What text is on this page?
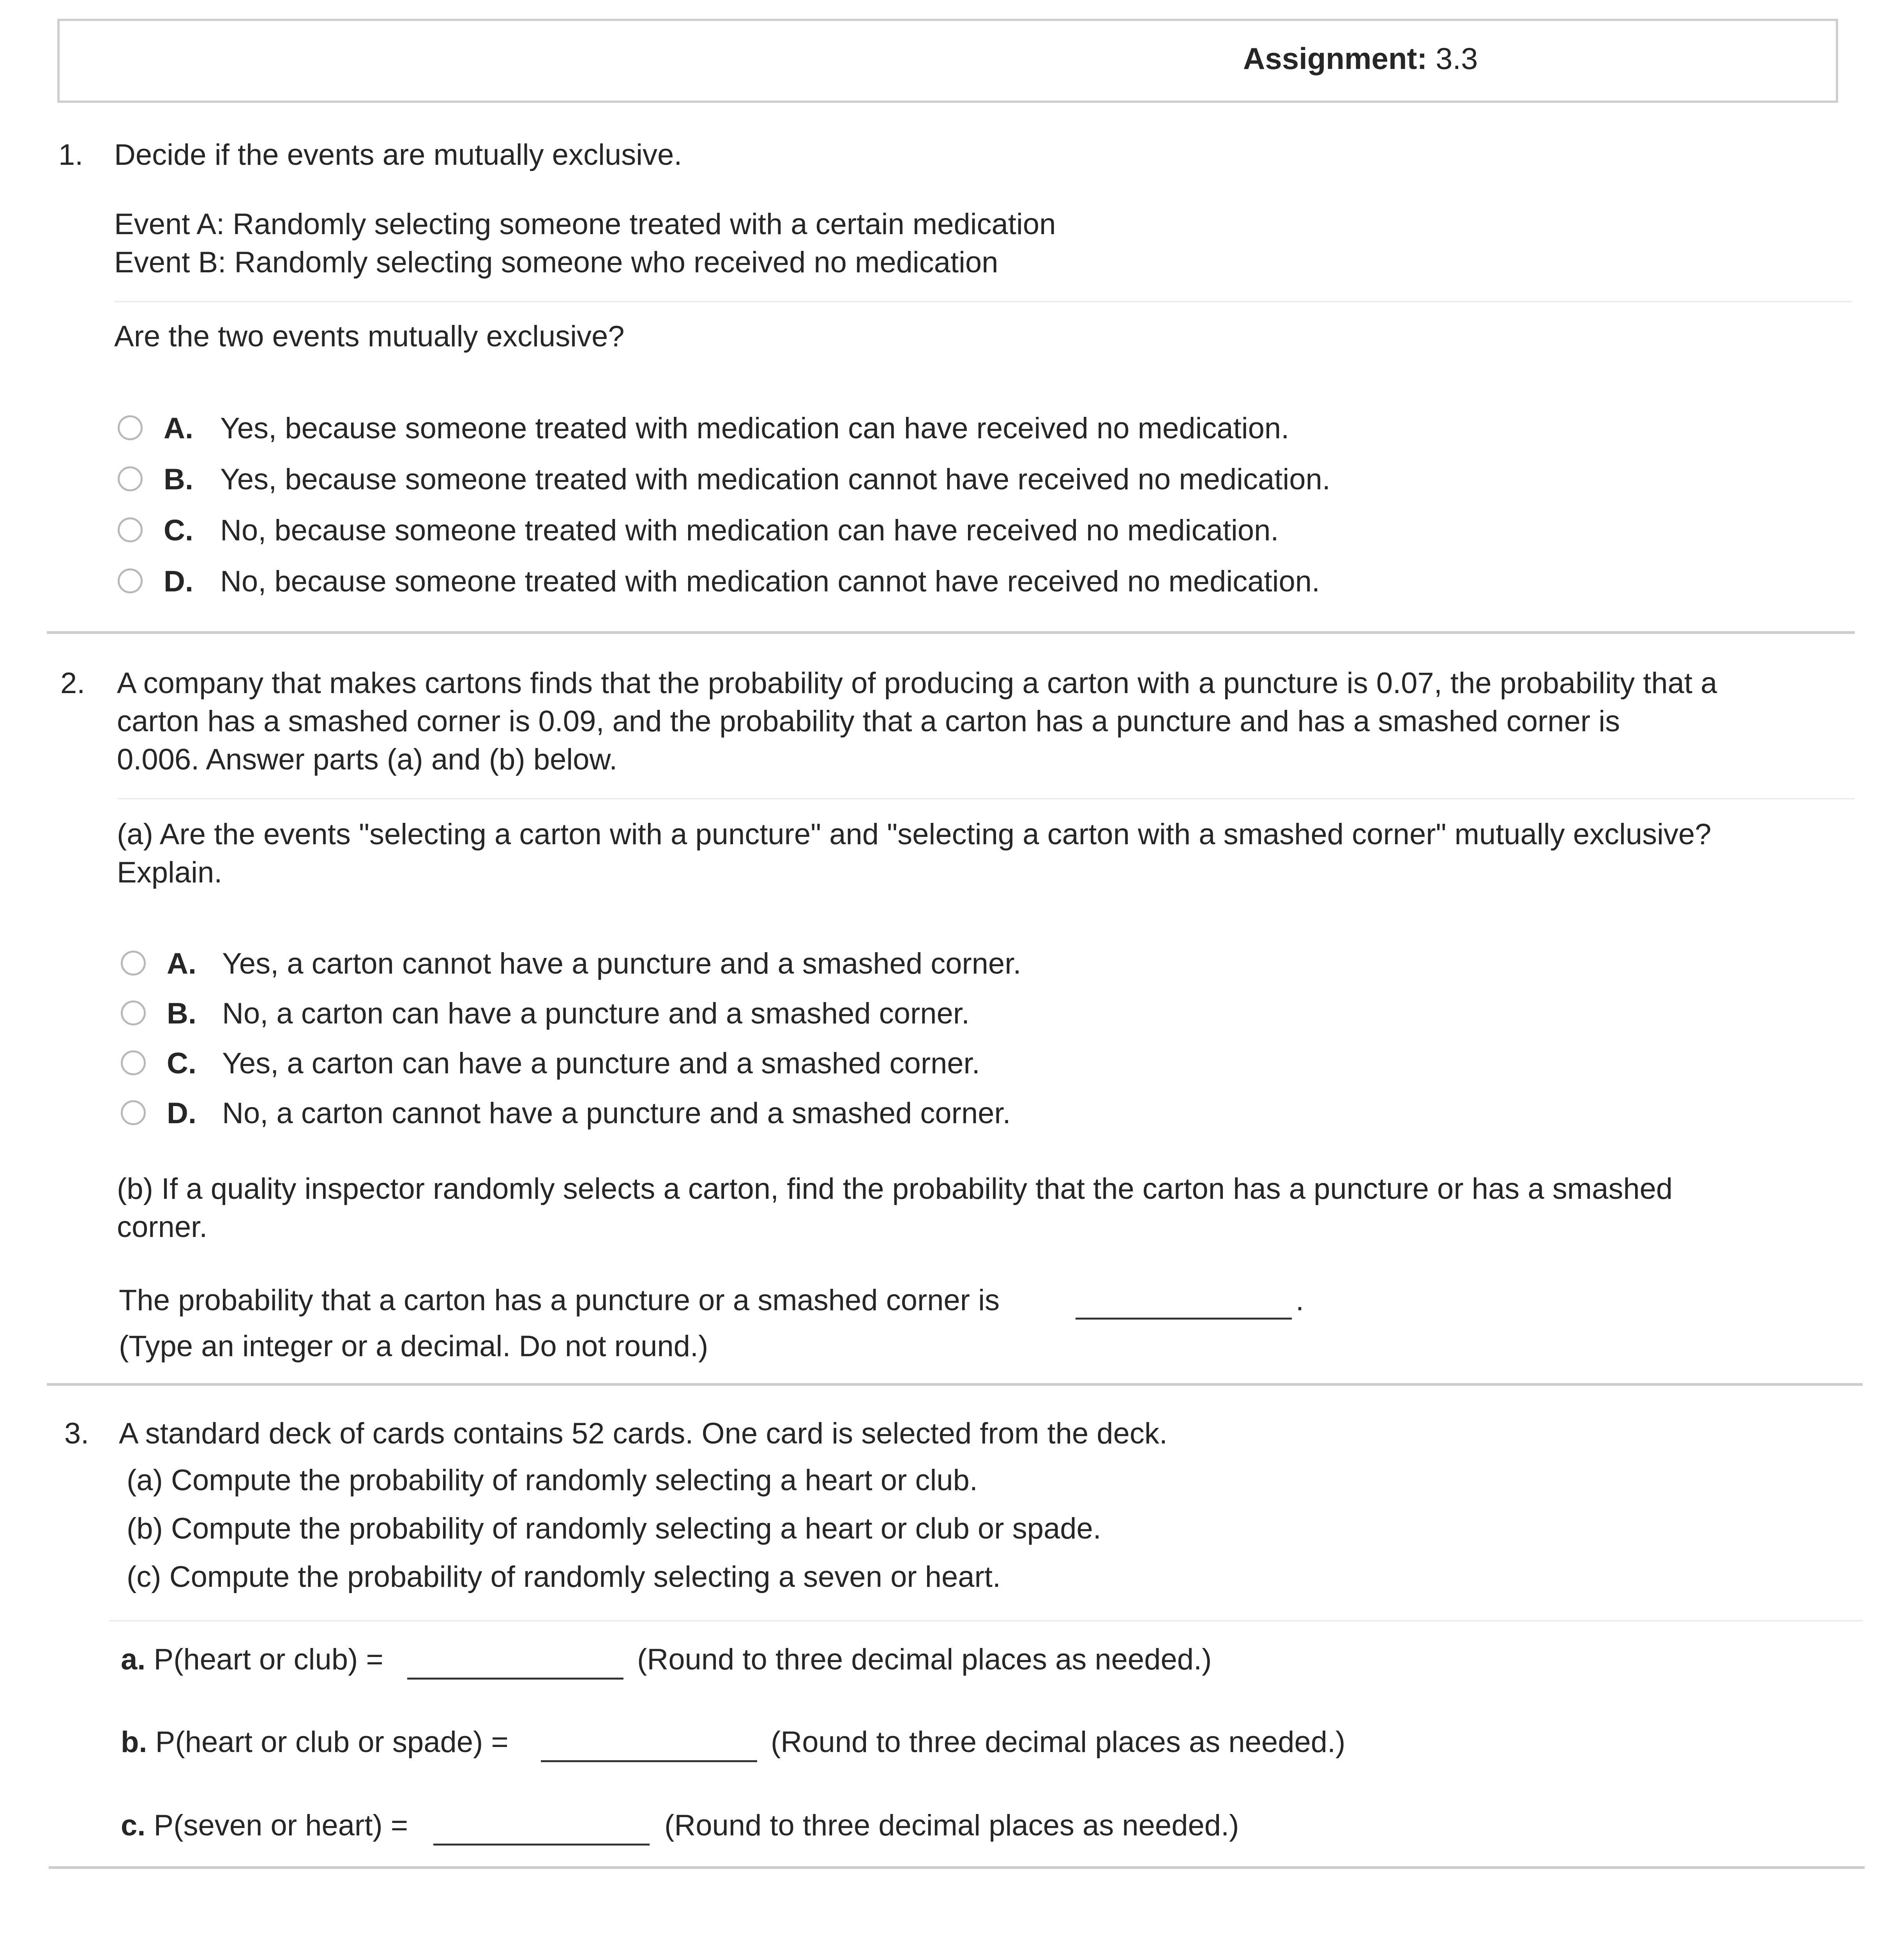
Assignment: 3.3
1. Decide if the events are mutually exclusive.
Event A: Randomly selecting someone treated with a certain medication
Event B: Randomly selecting someone who received no medication
Are the two events mutually exclusive?
A. Yes, because someone treated with medication can have received no medication.
B. Yes, because someone treated with medication cannot have received no medication.
C. No, because someone treated with medication can have received no medication.
D. No, because someone treated with medication cannot have received no medication.
2. A company that makes cartons finds that the probability of producing a carton with a puncture is 0.07, the probability that a
carton has a smashed corner is 0.09, and the probability that a carton has a puncture and has a smashed corner is
0.006. Answer parts (a) and (b) below.
(a) Are the events "selecting a carton with a puncture" and "selecting a carton with a smashed corner" mutually exclusive?
Explain.
A. Yes, a carton cannot have a puncture and a smashed corner.
B. No, a carton can have a puncture and a smashed corner.
C. Yes, a carton can have a puncture and a smashed corner.
D. No, a carton cannot have a puncture and a smashed corner.
(b) If a quality inspector randomly selects a carton, find the probability that the carton has a puncture or has a smashed
corner.
The probability that a carton has a puncture or a smashed corner is	.
(Type an integer or a decimal. Do not round.)
3. A standard deck of cards contains 52 cards. One card is selected from the deck.
(a) Compute the probability of randomly selecting a heart or club.
(b) Compute the probability of randomly selecting a heart or club or spade.
(c) Compute the probability of randomly selecting a seven or heart.
a. P(heart or club) =	(Round to three decimal places as needed.)
b. P(heart or club or spade) =	(Round to three decimal places as needed.)
c. P(seven or heart) =	(Round to three decimal places as needed.)
